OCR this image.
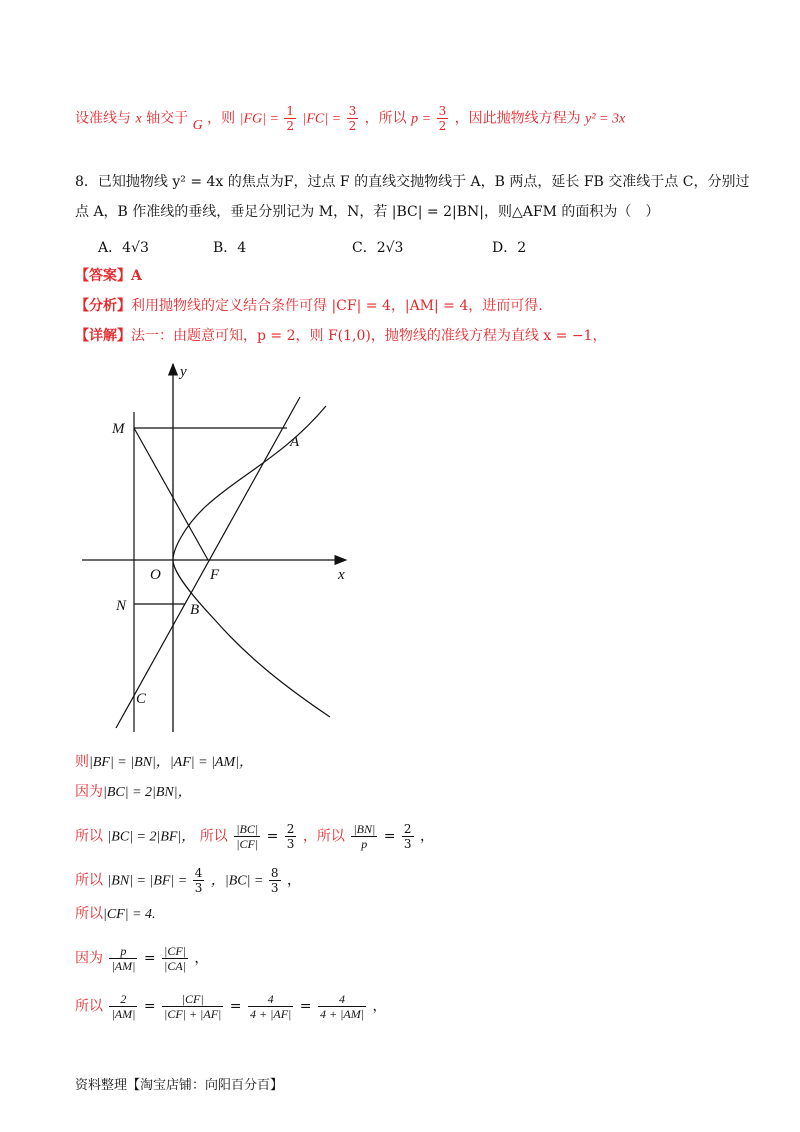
设准线与 x 轴交于 G ，则 $|FG| = \frac{1}{2} |FC| = \frac{3}{2}$ ，所以 $p = \frac{3}{2}$ ，因此抛物线方程为 y² = 3x
8．已知抛物线 y² = 4x 的焦点为F，过点 F 的直线交抛物线于 A，B 两点，延长 FB 交准线于点 C，分别过
点 A，B 作准线的垂线，垂足分别记为 M，N，若 |BC| = 2|BN|，则△AFM 的面积为（　）
A．4√3	B．4	C．2√3	D．2
【答案】A
【分析】利用抛物线的定义结合条件可得 |CF| = 4，|AM| = 4，进而可得.
【详解】法一：由题意可知，p = 2，则 F(1,0)，抛物线的准线方程为直线 x = −1，
y
x
M
A
O	F
N	B
C
则|BF| = |BN|，|AF| = |AM|，
因为|BC| = 2|BN|，
所以 |BC| = 2|BF|， 所以 $\frac{|BC|}{|CF|} = \frac{2}{3}$ ，所以 $\frac{|BN|}{p} = \frac{2}{3}$ ，
所以 $|BN| = |BF| = \frac{4}{3}$ ，$|BC| = \frac{8}{3}$ ，
所以|CF| = 4.
因为 $\frac{p}{|AM|} = \frac{|CF|}{|CA|}$ ，
所以 $\frac{2}{|AM|} = \frac{|CF|}{|CF| + |AF|} = \frac{4}{4 + |AF|} = \frac{4}{4 + |AM|}$ ，
资料整理【淘宝店铺：向阳百分百】
